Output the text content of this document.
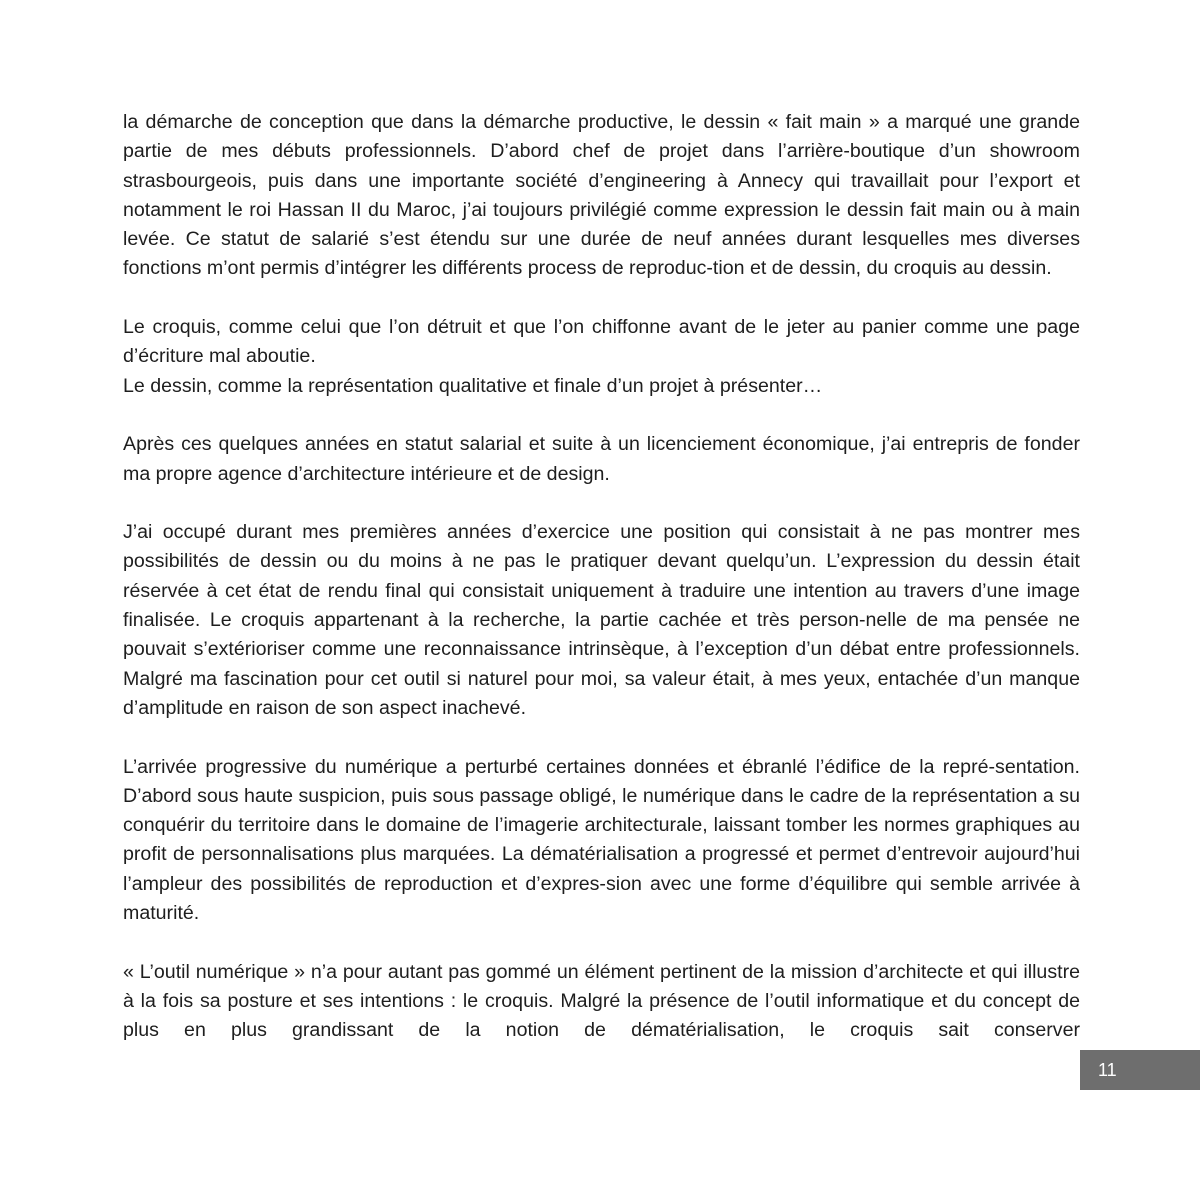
la démarche de conception que dans la démarche productive, le dessin « fait main » a marqué une grande partie de mes débuts professionnels. D’abord chef de projet dans l’arrière-boutique d’un showroom strasbourgeois, puis dans une importante société d’engineering à Annecy qui travaillait pour l’export et notamment le roi Hassan II du Maroc, j’ai toujours privilégié comme expression le dessin fait main ou à main levée. Ce statut de salarié s’est étendu sur une durée de neuf années durant lesquelles mes diverses fonctions m’ont permis d’intégrer les différents process de reproduc-tion et de dessin, du croquis au dessin.

Le croquis, comme celui que l’on détruit et que l’on chiffonne avant de le jeter au panier comme une page d’écriture mal aboutie.
Le dessin, comme la représentation qualitative et finale d’un projet à présenter…

Après ces quelques années en statut salarial et suite à un licenciement économique, j’ai entrepris de fonder ma propre agence d’architecture intérieure et de design.

J’ai occupé durant mes premières années d’exercice une position qui consistait à ne pas montrer mes possibilités de dessin ou du moins à ne pas le pratiquer devant quelqu’un. L’expression du dessin était réservée à cet état de rendu final qui consistait uniquement à traduire une intention au travers d’une image finalisée. Le croquis appartenant à la recherche, la partie cachée et très person-nelle de ma pensée ne pouvait s’extérioriser comme une reconnaissance intrinsèque, à l’exception d’un débat entre professionnels. Malgré ma fascination pour cet outil si naturel pour moi, sa valeur était, à mes yeux, entachée d’un manque d’amplitude en raison de son aspect inachevé.

L’arrivée progressive du numérique a perturbé certaines données et ébranlé l’édifice de la repré-sentation. D’abord sous haute suspicion, puis sous passage obligé, le numérique dans le cadre de la représentation a su conquérir du territoire dans le domaine de l’imagerie architecturale, laissant tomber les normes graphiques au profit de personnalisations plus marquées. La dématérialisation a progressé et permet d’entrevoir aujourd’hui l’ampleur des possibilités de reproduction et d’expres-sion avec une forme d’équilibre qui semble arrivée à maturité.

« L’outil numérique » n’a pour autant pas gommé un élément pertinent de la mission d’architecte et qui illustre à la fois sa posture et ses intentions : le croquis. Malgré la présence de l’outil informatique et du concept de plus en plus grandissant de la notion de dématérialisation, le croquis sait conserver

11
